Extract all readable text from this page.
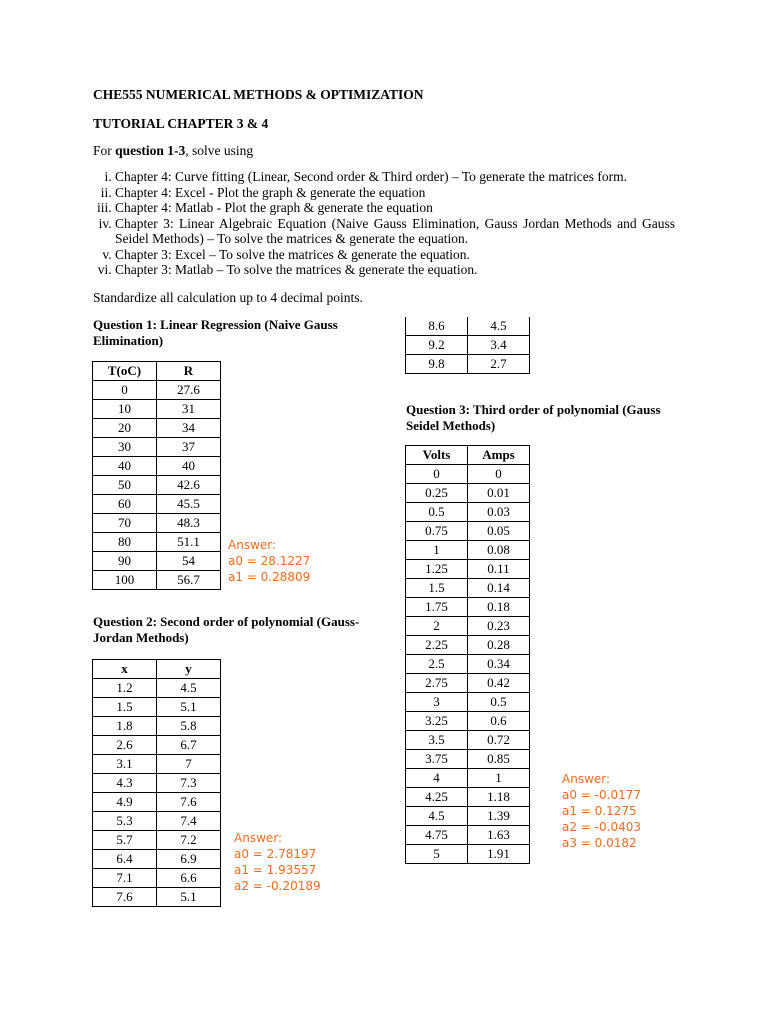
CHE555 NUMERICAL METHODS & OPTIMIZATION
TUTORIAL CHAPTER 3 & 4
For question 1-3, solve using
i. Chapter 4: Curve fitting (Linear, Second order & Third order) – To generate the matrices form.
ii. Chapter 4: Excel - Plot the graph & generate the equation
iii. Chapter 4: Matlab - Plot the graph & generate the equation
iv. Chapter 3: Linear Algebraic Equation (Naive Gauss Elimination, Gauss Jordan Methods and Gauss Seidel Methods) – To solve the matrices & generate the equation.
v. Chapter 3: Excel – To solve the matrices & generate the equation.
vi. Chapter 3: Matlab – To solve the matrices & generate the equation.
Standardize all calculation up to 4 decimal points.
Question 1: Linear Regression (Naive Gauss Elimination)
T(oC)	R
0	27.6
10	31
20	34
30	37
40	40
50	42.6
60	45.5
70	48.3
80	51.1
90	54
100	56.7
Answer:
a0 = 28.1227
a1 = 0.28809
Question 2: Second order of polynomial (Gauss-Jordan Methods)
x	y
1.2	4.5
1.5	5.1
1.8	5.8
2.6	6.7
3.1	7
4.3	7.3
4.9	7.6
5.3	7.4
5.7	7.2
6.4	6.9
7.1	6.6
7.6	5.1
8.6	4.5
9.2	3.4
9.8	2.7
Answer:
a0 = 2.78197
a1 = 1.93557
a2 = -0.20189
Question 3: Third order of polynomial (Gauss Seidel Methods)
Volts	Amps
0	0
0.25	0.01
0.5	0.03
0.75	0.05
1	0.08
1.25	0.11
1.5	0.14
1.75	0.18
2	0.23
2.25	0.28
2.5	0.34
2.75	0.42
3	0.5
3.25	0.6
3.5	0.72
3.75	0.85
4	1
4.25	1.18
4.5	1.39
4.75	1.63
5	1.91
Answer:
a0 = -0.0177
a1 = 0.1275
a2 = -0.0403
a3 = 0.0182
